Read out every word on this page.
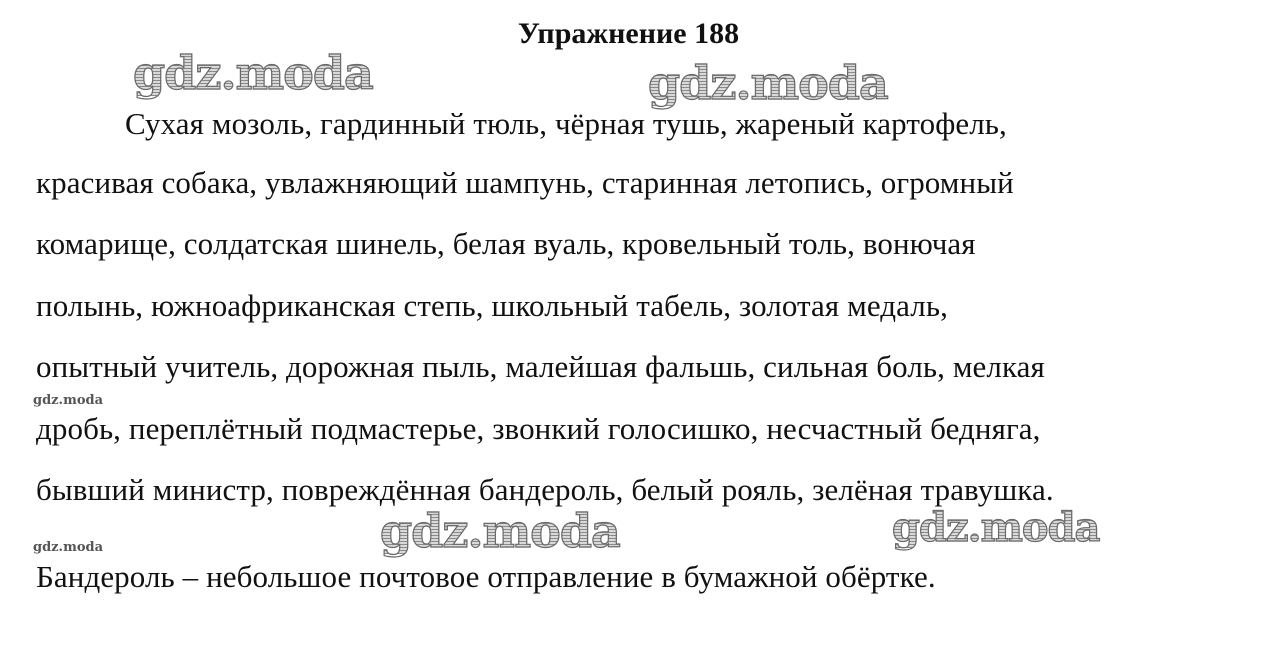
Упражнение 188
Сухая мозоль, гардинный тюль, чёрная тушь, жареный картофель,
красивая собака, увлажняющий шампунь, старинная летопись, огромный
комарище, солдатская шинель, белая вуаль, кровельный толь, вонючая
полынь, южноафриканская степь, школьный табель, золотая медаль,
опытный учитель, дорожная пыль, малейшая фальшь, сильная боль, мелкая
дробь, переплётный подмастерье, звонкий голосишко, несчастный бедняга,
бывший министр, повреждённая бандероль, белый рояль, зелёная травушка.
Бандероль – небольшое почтовое отправление в бумажной обёртке.
gdz.moda	gdz.moda
gdz.moda
gdz.moda	gdz.moda
gdz.moda
